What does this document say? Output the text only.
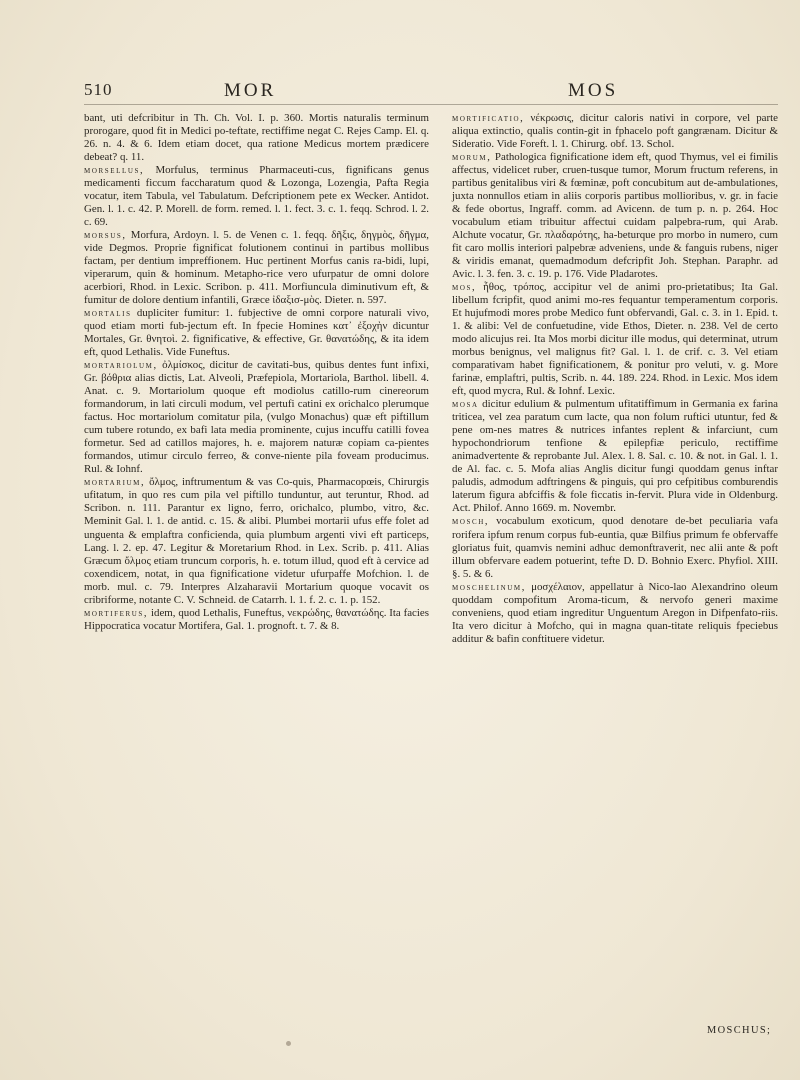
510	MOR	MOS

bant, uti defcribitur in Th. Ch. Vol. I. p. 360. Mortis naturalis terminum prorogare, quod fit in Medici po-teftate, rectiffime negat C. Rejes Camp. El. q. 26. n. 4. & 6. Idem etiam docet, qua ratione Medicus mortem prædicere debeat? q. 11.

morsellus, Morfulus, terminus Pharmaceuti-cus, fignificans genus medicamenti ficcum faccharatum quod & Lozonga, Lozengia, Pafta Regia vocatur, item Tabula, vel Tabulatum. Defcriptionem pete ex Wecker. Antidot. Gen. l. 1. c. 42. P. Morell. de form. remed. l. 1. fect. 3. c. 1. feqq. Schrod. l. 2. c. 69.

morsus, Morfura, Ardoyn. l. 5. de Venen c. 1. feqq. δῆξις, δηγμὸς, δῆγμα, vide Degmos. Proprie fignificat folutionem continui in partibus mollibus factam, per dentium impreffionem. Huc pertinent Morfus canis ra-bidi, lupi, viperarum, quin & hominum. Metapho-rice vero ufurpatur de omni dolore acerbiori, Rhod. in Lexic. Scribon. p. 411. Morfiuncula diminutivum eft, & fumitur de dolore dentium infantili, Græce ἰδαξισ-μὸς. Dieter. n. 597.

mortalis dupliciter fumitur: 1. fubjective de omni corpore naturali vivo, quod etiam morti fub-jectum eft. In fpecie Homines κατ᾽ ἐξοχὴν dicuntur Mortales, Gr. θνητοὶ. 2. fignificative, & effective, Gr. θανατώδης, & ita idem eft, quod Lethalis. Vide Funeftus.

mortariolum, ὀλμίσκος, dicitur de cavitati-bus, quibus dentes funt infixi, Gr. βόθρια alias dictis, Lat. Alveoli, Præfepiola, Mortariola, Barthol. libell. 4. Anat. c. 9. Mortariolum quoque eft modiolus catillo-rum cinereorum formandorum, in lati circuli modum, vel pertufi catini ex orichalco plerumque factus. Hoc mortariolum comitatur pila, (vulgo Monachus) quæ eft piftillum cum tubere rotundo, ex bafi lata media prominente, cujus incuffu catilli fovea formetur. Sed ad catillos majores, h. e. majorem naturæ copiam ca-pientes formandos, utimur circulo ferreo, & conve-niente pila foveam producimus. Rul. & Iohnf.

mortarium, ὄλμος, inftrumentum & vas Co-quis, Pharmacopœis, Chirurgis ufitatum, in quo res cum pila vel piftillo tunduntur, aut teruntur, Rhod. ad Scribon. n. 111. Parantur ex ligno, ferro, orichalco, plumbo, vitro, &c. Meminit Gal. l. 1. de antid. c. 15. & alibi. Plumbei mortarii ufus effe folet ad unguenta & emplaftra conficienda, quia plumbum argenti vivi eft particeps, Lang. l. 2. ep. 47. Legitur & Moretarium Rhod. in Lex. Scrib. p. 411. Alias Græcum ὄλμος etiam truncum corporis, h. e. totum illud, quod eft à cervice ad coxendicem, notat, in qua fignificatione videtur ufurpaffe Mofchion. l. de morb. mul. c. 79. Interpres Alzaharavii Mortarium quoque vocavit os cribriforme, notante C. V. Schneid. de Catarrh. l. 1. f. 2. c. 1. p. 152.

mortiferus, idem, quod Lethalis, Funeftus, νεκρώδης, θανατώδης. Ita facies Hippocratica vocatur Mortifera, Gal. 1. prognoft. t. 7. & 8.

mortificatio, νέκρωσις, dicitur caloris nativi in corpore, vel parte aliqua extinctio, qualis contin-git in fphacelo poft gangrænam. Dicitur & Sideratio. Vide Foreft. l. 1. Chirurg. obf. 13. Schol.

morum, Pathologica fignificatione idem eft, quod Thymus, vel ei fimilis affectus, videlicet ruber, cruen-tusque tumor, Morum fructum referens, in partibus genitalibus viri & fœminæ, poft concubitum aut de-ambulationes, juxta nonnullos etiam in aliis corporis partibus mollioribus, v. gr. in facie & fede obortus, Ingraff. comm. ad Avicenn. de tum p. n. p. 264. Hoc vocabulum etiam tribuitur affectui cuidam palpebra-rum, qui Arab. Alchute vocatur, Gr. πλαδαρότης, ha-beturque pro morbo in numero, cum fit caro mollis interiori palpebræ adveniens, unde & fanguis rubens, niger & viridis emanat, quemadmodum defcripfit Joh. Stephan. Paraphr. ad Avic. l. 3. fen. 3. c. 19. p. 176. Vide Pladarotes.

mos, ἦθος, τρόπος, accipitur vel de animi pro-prietatibus; Ita Gal. libellum fcripfit, quod animi mo-res fequantur temperamentum corporis. Et hujufmodi mores probe Medico funt obfervandi, Gal. c. 3. in 1. Epid. t. 1. & alibi: Vel de confuetudine, vide Ethos, Dieter. n. 238. Vel de certo modo alicujus rei. Ita Mos morbi dicitur ille modus, qui determinat, utrum morbus benignus, vel malignus fit? Gal. l. 1. de crif. c. 3. Vel etiam comparativam habet fignificationem, & ponitur pro veluti, v. g. More farinæ, emplaftri, pultis, Scrib. n. 44. 189. 224. Rhod. in Lexic. Mos idem eft, quod mycra, Rul. & Iohnf. Lexic.

mosa dicitur edulium & pulmentum ufitatiffimum in Germania ex farina triticea, vel zea paratum cum lacte, qua non folum ruftici utuntur, fed & pene om-nes matres & nutrices infantes replent & infarciunt, cum hypochondriorum tenfione & epilepfiæ periculo, rectiffime animadvertente & reprobante Jul. Alex. l. 8. Sal. c. 10. & not. in Gal. l. 1. de Al. fac. c. 5. Mofa alias Anglis dicitur fungi quoddam genus inftar paludis, admodum adftringens & pinguis, qui pro cefpitibus comburendis laterum figura abfciffis & fole ficcatis in-fervit. Plura vide in Oldenburg. Act. Philof. Anno 1669. m. Novembr.

mosch, vocabulum exoticum, quod denotare de-bet peculiaria vafa rorifera ipfum renum corpus fub-euntia, quæ Bilfius primum fe obfervaffe gloriatus fuit, quamvis nemini adhuc demonftraverit, nec alii ante & poft illum obfervare eadem potuerint, tefte D. D. Bohnio Exerc. Phyfiol. XIII. §. 5. & 6.

moschelinum, μοσχέλαιον, appellatur à Nico-lao Alexandrino oleum quoddam compofitum Aroma-ticum, & nervofo generi maxime conveniens, quod etiam ingreditur Unguentum Aregon in Difpenfato-riis. Ita vero dicitur à Mofcho, qui in magna quan-titate reliquis fpeciebus additur & bafin conftituere videtur.

MOSCHUS;
